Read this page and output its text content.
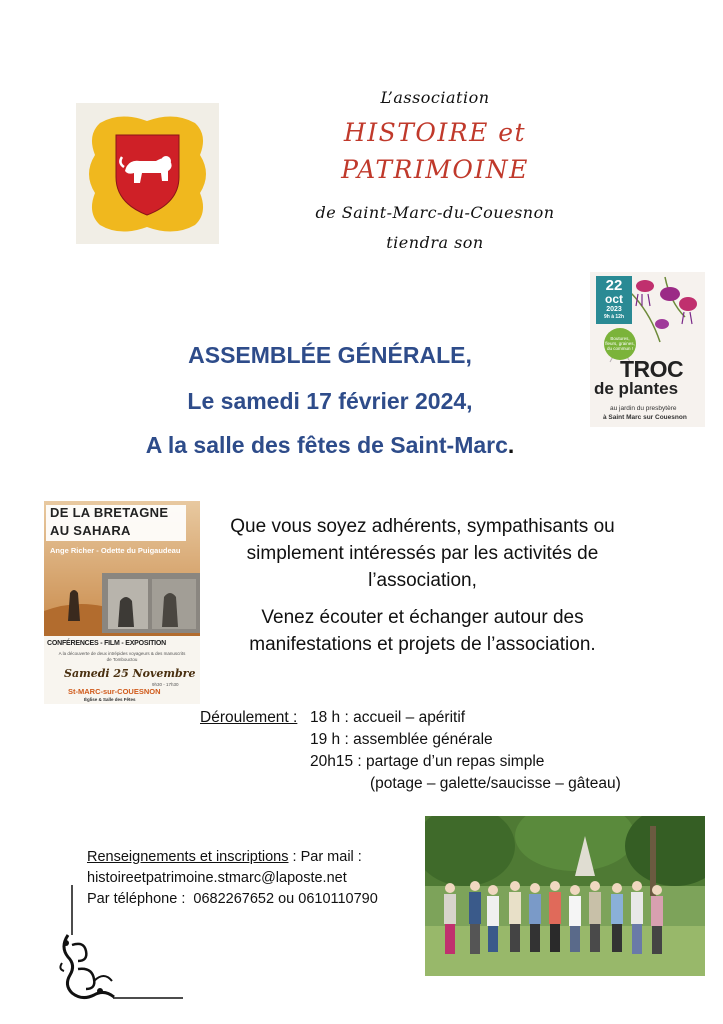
L’association
HISTOIRE et
PATRIMOINE
de Saint-Marc-du-Couesnon
tiendra son
22
oct
2023
9h à 12h
Boutures, fleurs, graines, du commun !
TROC
de plantes
au jardin du presbytère
à Saint Marc sur Couesnon
ASSEMBLÉE GÉNÉRALE,
Le samedi 17 février 2024,
A la salle des fêtes de Saint-Marc.
DE LA BRETAGNE
AU SAHARA
Ange Richer - Odette du Puigaudeau
CONFÉRENCES - FILM - EXPOSITION
A la découverte de deux intrépides voyageurs & des manuscrits de Tombouctou
Samedi 25 Novembre
9h30 - 17h30
St-MARC-sur-COUESNON
Église & Salle des Fêtes
Que vous soyez adhérents, sympathisants ou simplement intéressés par les activités de l’association,
Venez écouter et échanger autour des manifestations et projets de l’association.
Déroulement : 18 h : accueil – apéritif
19 h : assemblée générale
20h15 : partage d’un repas simple
(potage – galette/saucisse – gâteau)
Renseignements et inscriptions : Par mail :
histoireetpatrimoine.stmarc@laposte.net
Par téléphone : 0682267652 ou 0610110790
